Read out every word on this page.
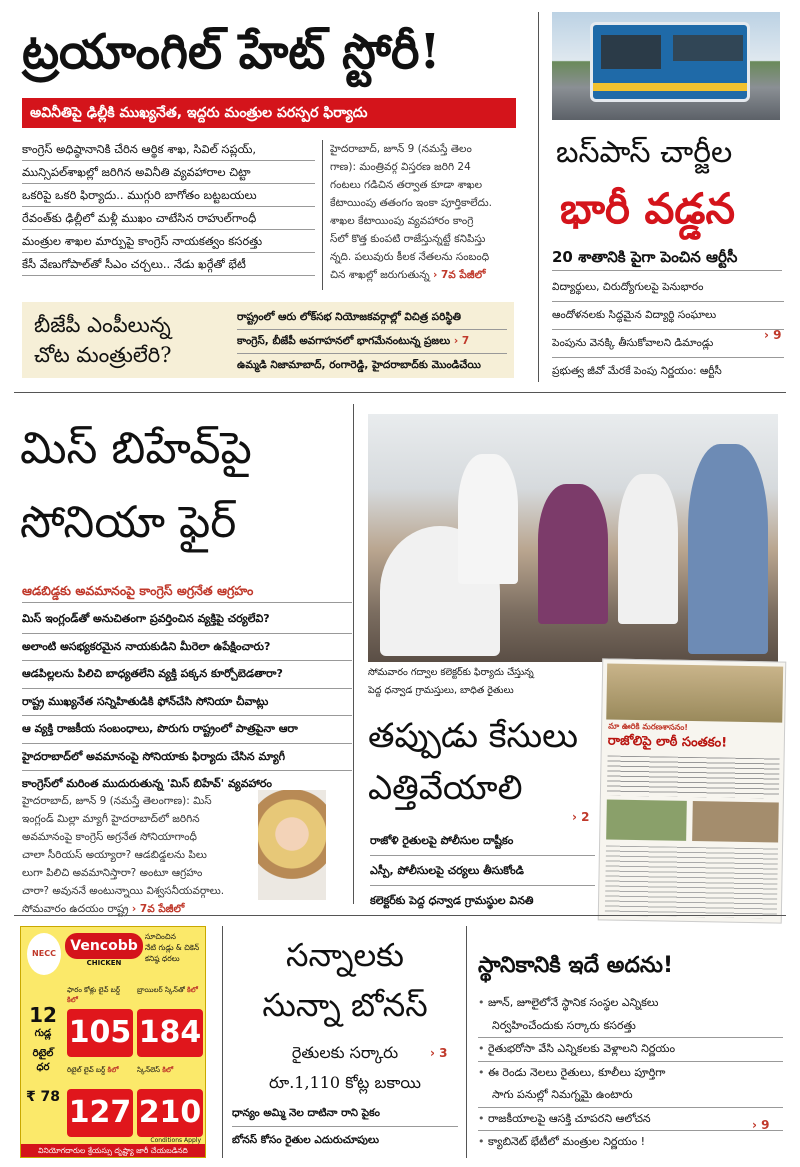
ట్రయాంగిల్ హేట్ స్టోరీ!
అవినీతిపై ఢిల్లీకి ముఖ్యనేత, ఇద్దరు మంత్రుల పరస్పర ఫిర్యాదు
కాంగ్రెస్ అధిష్ఠానానికి చేరిన ఆర్థిక శాఖ, సివిల్ సప్లయ్,
మున్సిపల్‌శాఖల్లో జరిగిన అవినీతి వ్యవహారాల చిట్టా
ఒకరిపై ఒకరి ఫిర్యాదు.. ముగ్గురి బాగోతం బట్టబయలు
రేవంత్‌కు ఢిల్లీలో మళ్లీ ముఖం చాటేసిన రాహుల్‌గాంధీ
మంత్రుల శాఖల మార్పుపై కాంగ్రెస్ నాయకత్వం కసరత్తు
కేసీ వేణుగోపాల్‌తో సీఎం చర్చలు.. నేడు ఖర్గేతో భేటీ
హైదరాబాద్, జూన్ 9 (నమస్తే తెలం
గాణ): మంత్రివర్గ విస్తరణ జరిగి 24
గంటలు గడిచిన తర్వాత కూడా శాఖల
కేటాయింపు తతంగం ఇంకా పూర్తికాలేదు.
శాఖల కేటాయింపు వ్యవహారం కాంగ్రె
స్‌లో కొత్త కుంపటి రాజేస్తున్నట్టే కనిపిస్తు
న్నది. పలువురు కీలక నేతలను సంబంధి
చిన శాఖల్లో జరుగుతున్న › 7వ పేజీలో
బీజేపీ ఎంపీలున్న
చోట మంత్రులేరి?
రాష్ట్రంలో ఆరు లోక్‌సభ నియోజకవర్గాల్లో విచిత్ర పరిస్థితి
కాంగ్రెస్, బీజేపీ అవగాహనలో భాగమేనంటున్న ప్రజలు › 7
ఉమ్మడి నిజామాబాద్, రంగారెడ్డి, హైదరాబాద్‌కు మొండిచేయి
బస్‌పాస్ చార్జీల
భారీ వడ్డన
20 శాతానికి పైగా పెంచిన ఆర్టీసీ
విద్యార్థులు, చిరుద్యోగులపై పెనుభారం
ఆందోళనలకు సిద్ధమైన విద్యార్థి సంఘాలు
పెంపును వెనక్కి తీసుకోవాలని డిమాండ్లు
ప్రభుత్వ జీవో మేరకే పెంపు నిర్ణయం: ఆర్టీసీ
› 9
మిస్ బిహేవ్‌పై
సోనియా ఫైర్
ఆడబిడ్డకు అవమానంపై కాంగ్రెస్ అగ్రనేత ఆగ్రహం
మిస్ ఇంగ్లండ్‌తో అనుచితంగా ప్రవర్తించిన వ్యక్తిపై చర్యలేవి?
అలాంటి అసభ్యకరమైన నాయకుడిని మీరెలా ఉపేక్షించారు?
ఆడపిల్లలను పిలిచి బాధ్యతలేని వ్యక్తి పక్కన కూర్చోబెడతారా?
రాష్ట్ర ముఖ్యనేత సన్నిహితుడికి ఫోన్‌చేసి సోనియా చీవాట్లు
ఆ వ్యక్తి రాజకీయ సంబంధాలు, పొరుగు రాష్ట్రంలో పాత్రపైనా ఆరా
హైదరాబాద్‌లో అవమానంపై సోనియాకు ఫిర్యాదు చేసిన మ్యాగీ
కాంగ్రెస్‌లో మరింత ముదురుతున్న 'మిస్ బిహేవ్' వ్యవహారం
హైదరాబాద్, జూన్ 9 (నమస్తే తెలంగాణ): మిస్
ఇంగ్లండ్ మిల్లా మ్యాగీ హైదరాబాద్‌లో జరిగిన
అవమానంపై కాంగ్రెస్ అగ్రనేత సోనియాగాంధీ
చాలా సీరియస్ అయ్యారా? ఆడబిడ్డలను పిలు
లుగా పిలిచి అవమానిస్తారా? అంటూ ఆగ్రహం
చారా? అవుననే అంటున్నాయి విశ్వసనీయవర్గాలు.
సోమవారం ఉదయం రాష్ట్ర › 7వ పేజీలో
సోమవారం గద్వాల కలెక్టర్‌కు ఫిర్యాదు చేస్తున్న
పెద్ద ధన్వాడ గ్రామస్తులు, బాధిత రైతులు
తప్పుడు కేసులు
ఎత్తివేయాలి
› 2
రాజోళి రైతులపై పోలీసుల దాష్టీకం
ఎస్పీ, పోలీసులపై చర్యలు తీసుకోండి
కలెక్టర్‌కు పెద్ద ధన్వాడ గ్రామస్థుల వినతి
మా ఊరికి మరణశాసనం!
రాజోలిపై లాఠీ సంతకం!
NECC	Vencobb
CHICKEN
సూచించిన
నేటి గుడ్లు & చికెన్
కనిష్ఠ ధరలు
12
గుడ్ల
రిటైల్
ధర
₹ 78
ఫారం కోళ్లు లైవ్ బర్డ్ కిలో
105
బ్రాయిలర్ స్కిన్‌తో కిలో
184
రిటైల్ లైవ్ బర్డ్ కిలో
127
స్కిన్‌లెస్ కిలో
210
Conditions Apply
వినియోగదారుల శ్రేయస్సు దృష్ట్యా జారీ చేయబడినది
సన్నాలకు
సున్నా బోనస్
రైతులకు సర్కారు
రూ.1,110 కోట్ల బకాయి
› 3
ధాన్యం అమ్మి నెల దాటినా రాని పైకం
బోనస్ కోసం రైతుల ఎదురుచూపులు
స్థానికానికి ఇదే అదను!
• జూన్, జూలైలోనే స్థానిక సంస్థల ఎన్నికలు
నిర్వహించేందుకు సర్కారు కసరత్తు
• రైతుభరోసా వేసి ఎన్నికలకు వెళ్లాలని నిర్ణయం
• ఈ రెండు నెలలు రైతులు, కూలీలు పూర్తిగా
సాగు పనుల్లో నిమగ్నమై ఉంటారు
• రాజకీయాలపై ఆసక్తి చూపరని ఆలోచన
• క్యాబినెట్ భేటీలో మంత్రుల నిర్ణయం !
› 9
